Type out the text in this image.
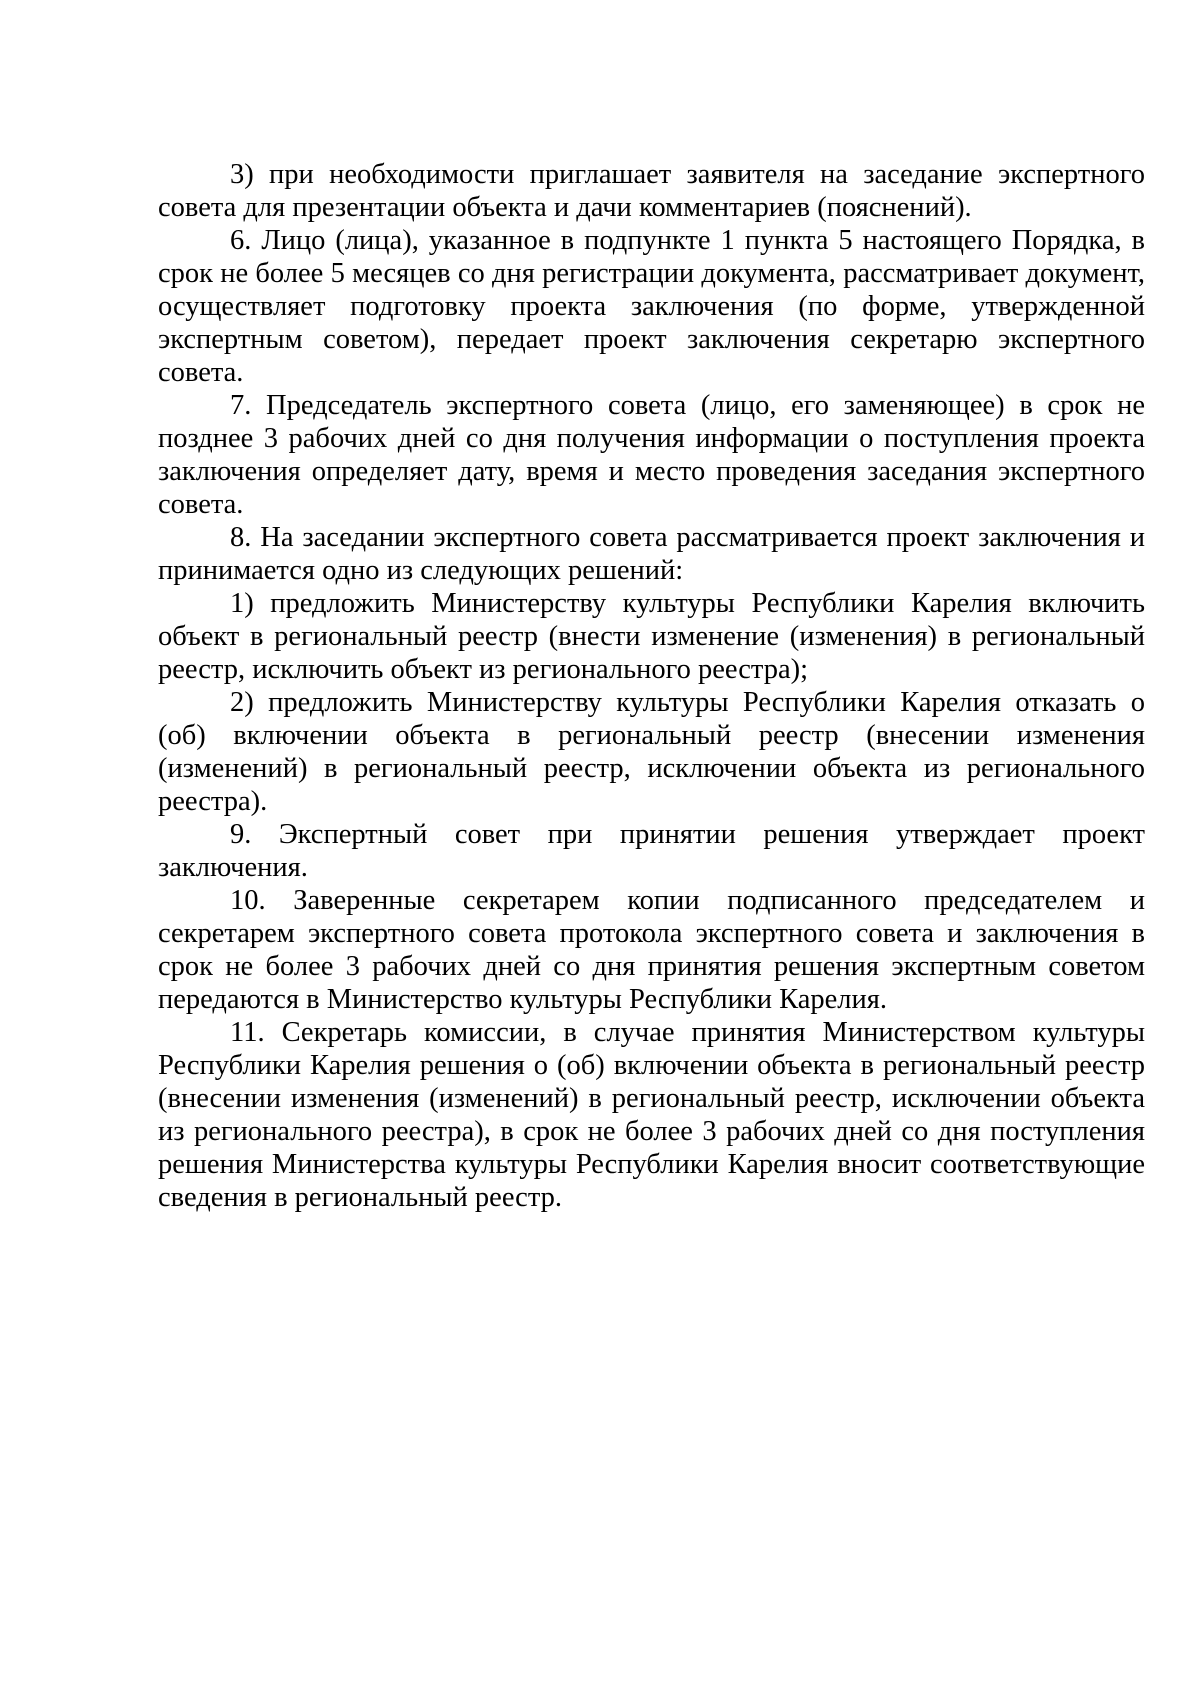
3) при необходимости приглашает заявителя на заседание экспертного совета для презентации объекта и дачи комментариев (пояснений).

6. Лицо (лица), указанное в подпункте 1 пункта 5 настоящего Порядка, в срок не более 5 месяцев со дня регистрации документа, рассматривает документ, осуществляет подготовку проекта заключения (по форме, утвержденной экспертным советом), передает проект заключения секретарю экспертного совета.

7. Председатель экспертного совета (лицо, его заменяющее) в срок не позднее 3 рабочих дней со дня получения информации о поступления проекта заключения определяет дату, время и место проведения заседания экспертного совета.

8. На заседании экспертного совета рассматривается проект заключения и принимается одно из следующих решений:

1) предложить Министерству культуры Республики Карелия включить объект в региональный реестр (внести изменение (изменения) в региональный реестр, исключить объект из регионального реестра);

2) предложить Министерству культуры Республики Карелия отказать о (об) включении объекта в региональный реестр (внесении изменения (изменений) в региональный реестр, исключении объекта из регионального реестра).

9. Экспертный совет при принятии решения утверждает проект заключения.

10. Заверенные секретарем копии подписанного председателем и секретарем экспертного совета протокола экспертного совета и заключения в срок не более 3 рабочих дней со дня принятия решения экспертным советом передаются в Министерство культуры Республики Карелия.

11. Секретарь комиссии, в случае принятия Министерством культуры Республики Карелия решения о (об) включении объекта в региональный реестр (внесении изменения (изменений) в региональный реестр, исключении объекта из регионального реестра), в срок не более 3 рабочих дней со дня поступления решения Министерства культуры Республики Карелия вносит соответствующие сведения в региональный реестр.
